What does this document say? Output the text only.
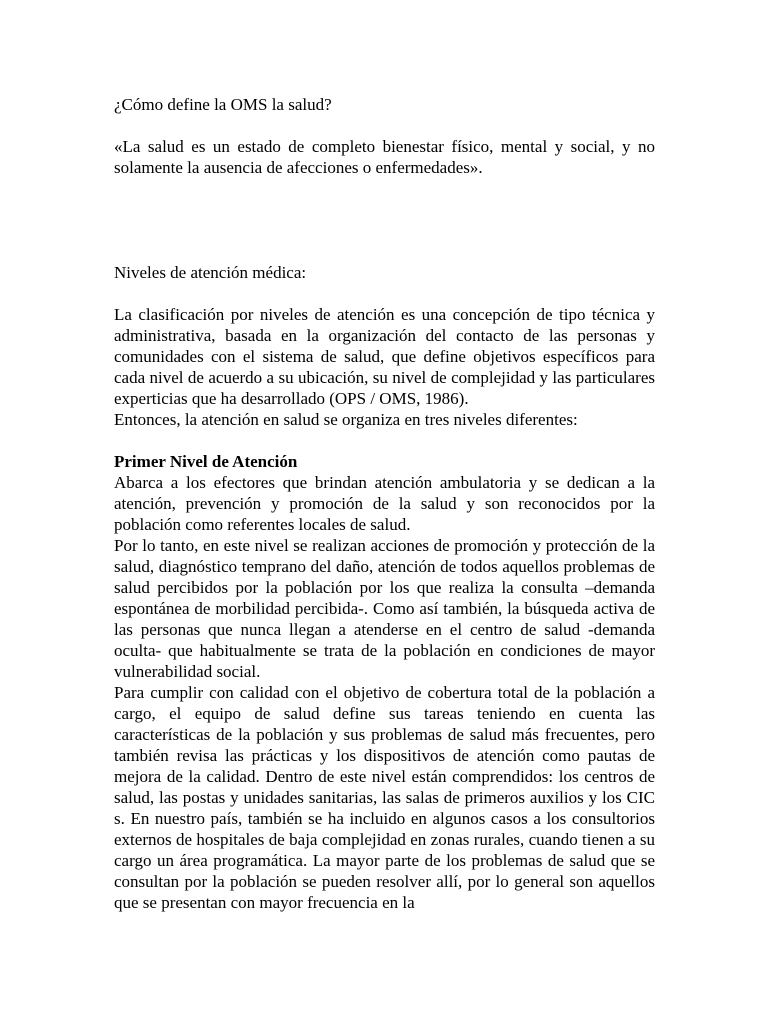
¿Cómo define la OMS la salud?

«La salud es un estado de completo bienestar físico, mental y social, y no solamente la ausencia de afecciones o enfermedades».

Niveles de atención médica:

La clasificación por niveles de atención es una concepción de tipo técnica y administrativa, basada en la organización del contacto de las personas y comunidades con el sistema de salud, que define objetivos específicos para cada nivel de acuerdo a su ubicación, su nivel de complejidad y las particulares experticias que ha desarrollado (OPS / OMS, 1986).

Entonces, la atención en salud se organiza en tres niveles diferentes:

Primer Nivel de Atención

Abarca a los efectores que brindan atención ambulatoria y se dedican a la atención, prevención y promoción de la salud y son reconocidos por la población como referentes locales de salud.

Por lo tanto, en este nivel se realizan acciones de promoción y protección de la salud, diagnóstico temprano del daño, atención de todos aquellos problemas de salud percibidos por la población por los que realiza la consulta –demanda espontánea de morbilidad percibida-. Como así también, la búsqueda activa de las personas que nunca llegan a atenderse en el centro de salud -demanda oculta- que habitualmente se trata de la población en condiciones de mayor vulnerabilidad social.

Para cumplir con calidad con el objetivo de cobertura total de la población a cargo, el equipo de salud define sus tareas teniendo en cuenta las características de la población y sus problemas de salud más frecuentes, pero también revisa las prácticas y los dispositivos de atención como pautas de mejora de la calidad. Dentro de este nivel están comprendidos: los centros de salud, las postas y unidades sanitarias, las salas de primeros auxilios y los CIC s. En nuestro país, también se ha incluido en algunos casos a los consultorios externos de hospitales de baja complejidad en zonas rurales, cuando tienen a su cargo un área programática. La mayor parte de los problemas de salud que se consultan por la población se pueden resolver allí, por lo general son aquellos que se presentan con mayor frecuencia en la
